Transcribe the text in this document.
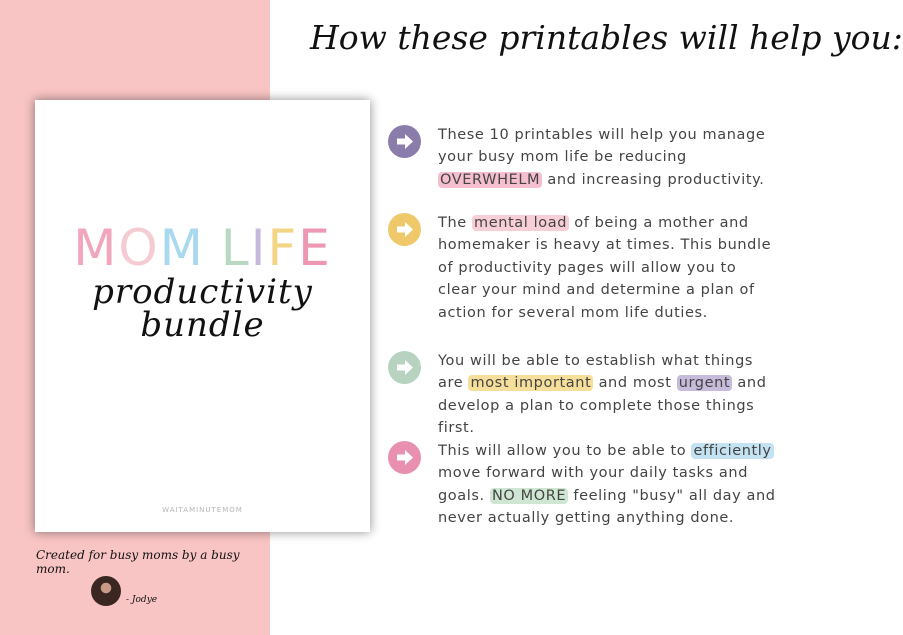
MOM LIFE
productivity
bundle
WAITAMINUTEMOM
Created for busy moms by a busy mom.
- Jodye
How these printables will help you:
These 10 printables will help you manage your busy mom life be reducing OVERWHELM and increasing productivity.
The mental load of being a mother and homemaker is heavy at times. This bundle of productivity pages will allow you to clear your mind and determine a plan of action for several mom life duties.
You will be able to establish what things are most important and most urgent and develop a plan to complete those things first.
This will allow you to be able to efficiently move forward with your daily tasks and goals. NO MORE feeling "busy" all day and never actually getting anything done.
